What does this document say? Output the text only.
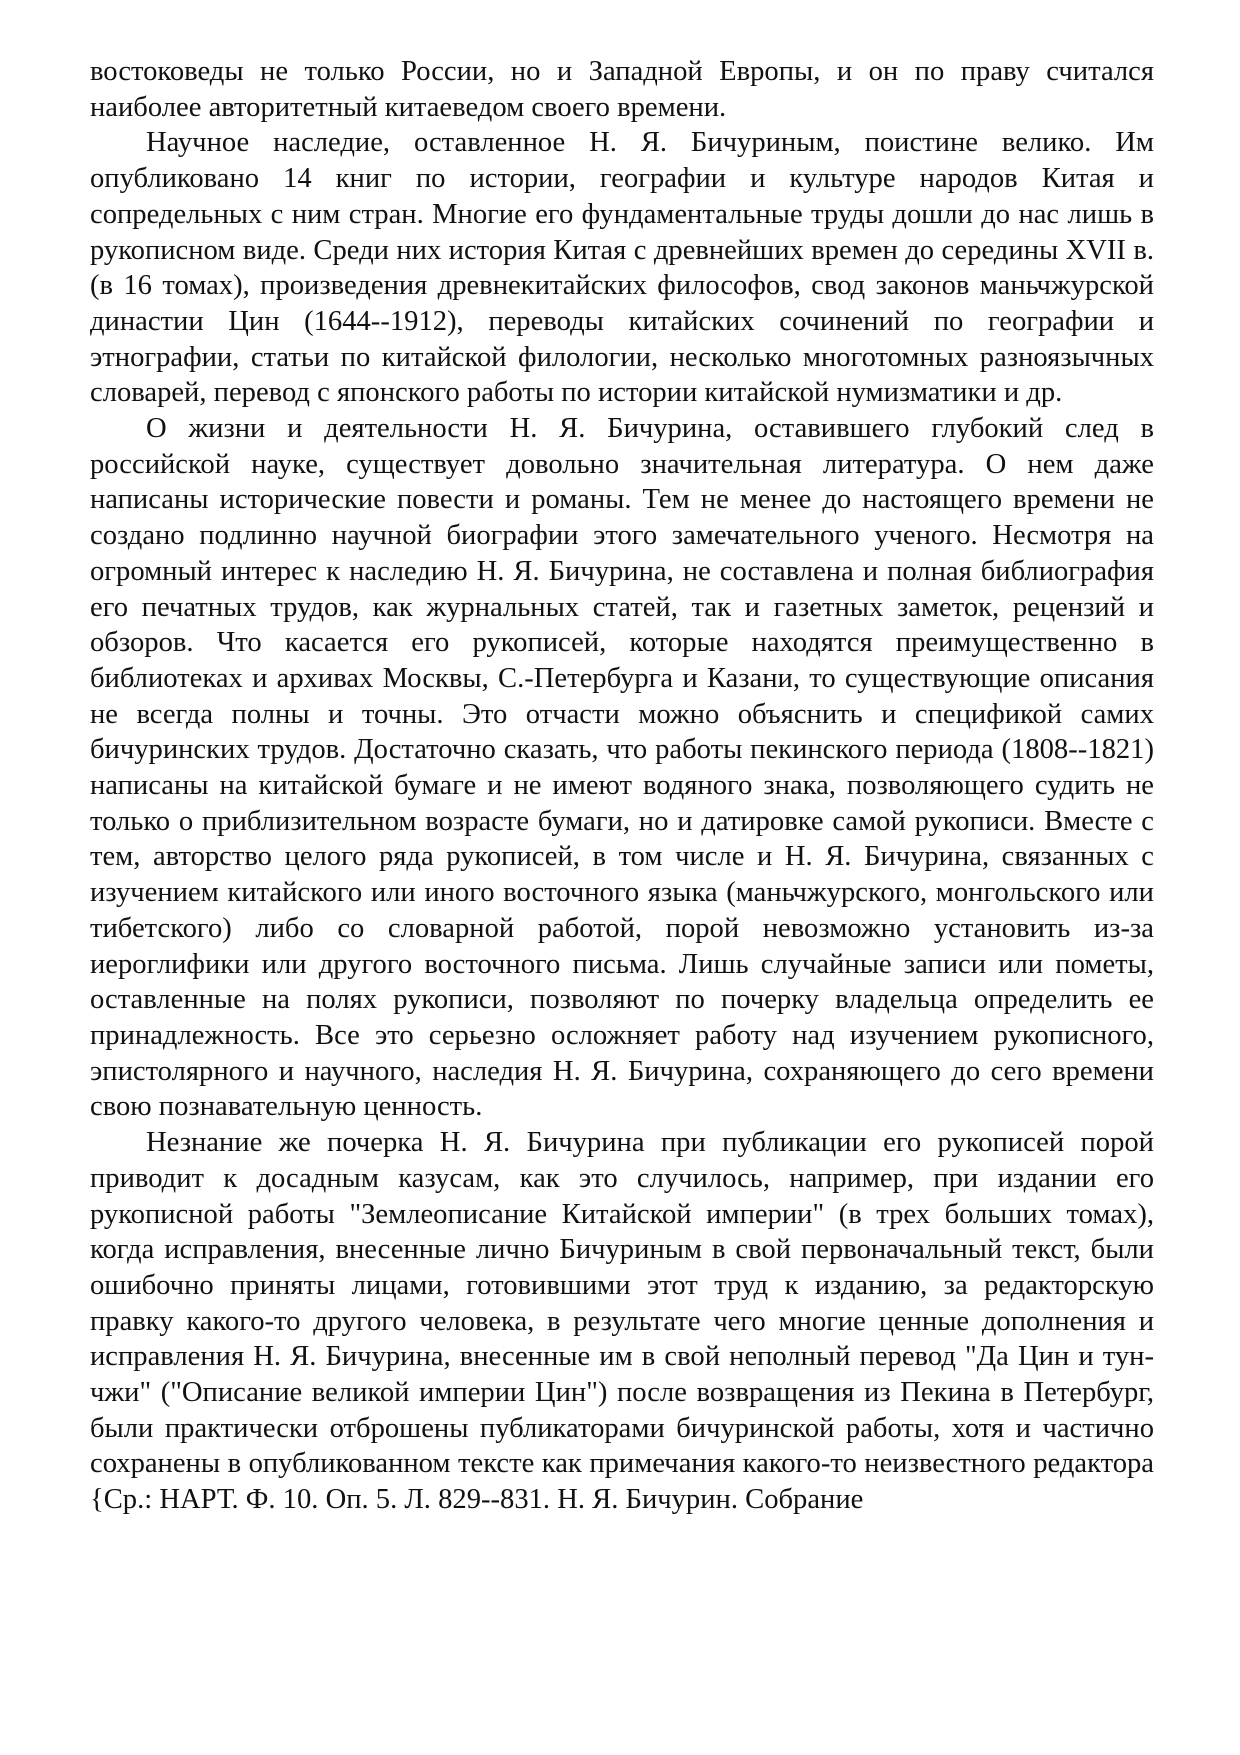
востоковеды не только России, но и Западной Европы, и он по праву считался наиболее авторитетный китаеведом своего времени.

Научное наследие, оставленное Н. Я. Бичуриным, поистине велико. Им опубликовано 14 книг по истории, географии и культуре народов Китая и сопредельных с ним стран. Многие его фундаментальные труды дошли до нас лишь в рукописном виде. Среди них история Китая с древнейших времен до середины XVII в. (в 16 томах), произведения древнекитайских философов, свод законов маньчжурской династии Цин (1644--1912), переводы китайских сочинений по географии и этнографии, статьи по китайской филологии, несколько многотомных разноязычных словарей, перевод с японского работы по истории китайской нумизматики и др.

О жизни и деятельности Н. Я. Бичурина, оставившего глубокий след в российской науке, существует довольно значительная литература. О нем даже написаны исторические повести и романы. Тем не менее до настоящего времени не создано подлинно научной биографии этого замечательного ученого. Несмотря на огромный интерес к наследию Н. Я. Бичурина, не составлена и полная библиография его печатных трудов, как журнальных статей, так и газетных заметок, рецензий и обзоров. Что касается его рукописей, которые находятся преимущественно в библиотеках и архивах Москвы, С.-Петербурга и Казани, то существующие описания не всегда полны и точны. Это отчасти можно объяснить и спецификой самих бичуринских трудов. Достаточно сказать, что работы пекинского периода (1808--1821) написаны на китайской бумаге и не имеют водяного знака, позволяющего судить не только о приблизительном возрасте бумаги, но и датировке самой рукописи. Вместе с тем, авторство целого ряда рукописей, в том числе и Н. Я. Бичурина, связанных с изучением китайского или иного восточного языка (маньчжурского, монгольского или тибетского) либо со словарной работой, порой невозможно установить из-за иероглифики или другого восточного письма. Лишь случайные записи или пометы, оставленные на полях рукописи, позволяют по почерку владельца определить ее принадлежность. Все это серьезно осложняет работу над изучением рукописного, эпистолярного и научного, наследия Н. Я. Бичурина, сохраняющего до сего времени свою познавательную ценность.

Незнание же почерка Н. Я. Бичурина при публикации его рукописей порой приводит к досадным казусам, как это случилось, например, при издании его рукописной работы "Землеописание Китайской империи" (в трех больших томах), когда исправления, внесенные лично Бичуриным в свой первоначальный текст, были ошибочно приняты лицами, готовившими этот труд к изданию, за редакторскую правку какого-то другого человека, в результате чего многие ценные дополнения и исправления Н. Я. Бичурина, внесенные им в свой неполный перевод "Да Цин и тун-чжи" ("Описание великой империи Цин") после возвращения из Пекина в Петербург, были практически отброшены публикаторами бичуринской работы, хотя и частично сохранены в опубликованном тексте как примечания какого-то неизвестного редактора {Ср.: НАРТ. Ф. 10. Оп. 5. Л. 829--831. Н. Я. Бичурин. Собрание
